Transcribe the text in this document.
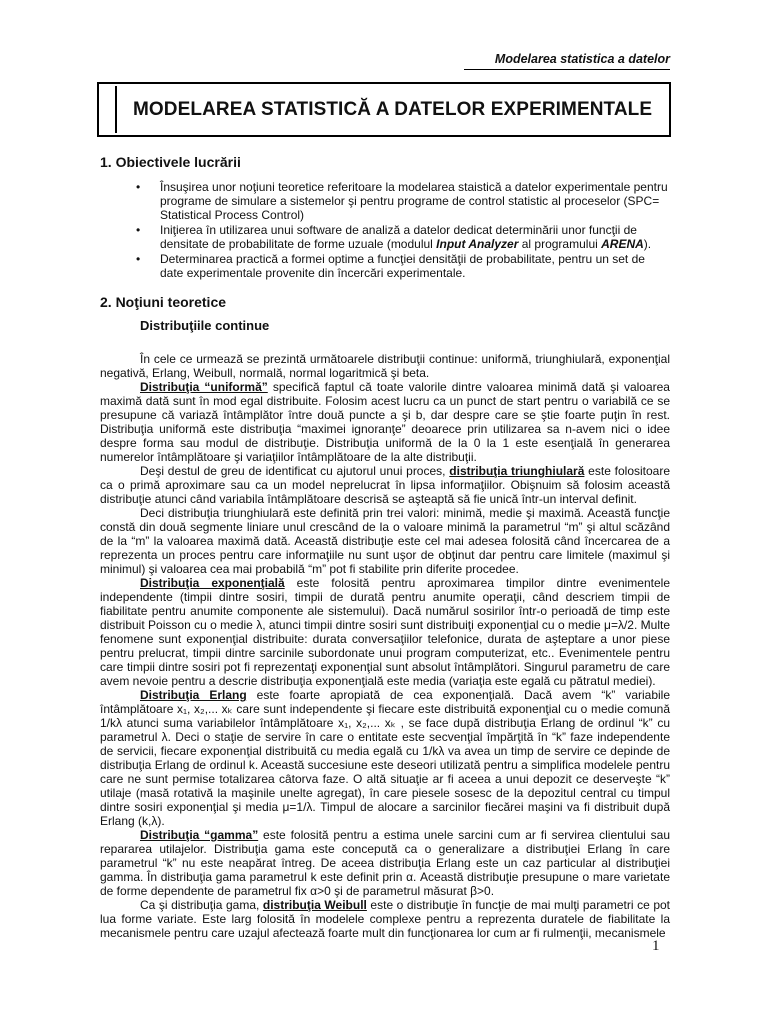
Modelarea statistica a datelor
MODELAREA STATISTICĂ A DATELOR EXPERIMENTALE
1. Obiectivele lucrării
• Însuşirea unor noţiuni teoretice referitoare la modelarea staistică a datelor experimentale pentru programe de simulare a sistemelor şi pentru programe de control statistic al proceselor (SPC= Statistical Process Control)
• Iniţierea în utilizarea unui software de analiză a datelor dedicat determinării unor funcţii de densitate de probabilitate de forme uzuale (modulul Input Analyzer al programului ARENA).
• Determinarea practică a formei optime a funcţiei densităţii de probabilitate, pentru un set de date experimentale provenite din încercări experimentale.
2. Noţiuni teoretice
Distribuţiile continue

În cele ce urmează se prezintă următoarele distribuţii continue: uniformă, triunghiulară, exponenţial negativă, Erlang, Weibull, normală, normal logaritmică şi beta.

Distribuţia “uniformă” specifică faptul că toate valorile dintre valoarea minimă dată şi valoarea maximă dată sunt în mod egal distribuite. Folosim acest lucru ca un punct de start pentru o variabilă ce se presupune că variază întâmplător între două puncte a şi b, dar despre care se ştie foarte puţin în rest. Distribuţia uniformă este distribuţia “maximei ignoranţe” deoarece prin utilizarea sa n-avem nici o idee despre forma sau modul de distribuţie. Distribuţia uniformă de la 0 la 1 este esenţială în generarea numerelor întâmplătoare şi variaţiilor întâmplătoare de la alte distribuţii.

Deşi destul de greu de identificat cu ajutorul unui proces, distribuţia triunghiulară este folositoare ca o primă aproximare sau ca un model neprelucrat în lipsa informaţiilor. Obişnuim să folosim această distribuţie atunci când variabila întâmplătoare descrisă se aşteaptă să fie unică într-un interval definit.

Deci distribuţia triunghiulară este definită prin trei valori: minimă, medie şi maximă. Această funcţie constă din două segmente liniare unul crescând de la o valoare minimă la parametrul “m” şi altul scăzând de la “m” la valoarea maximă dată. Această distribuţie este cel mai adesea folosită când încercarea de a reprezenta un proces pentru care informaţiile nu sunt uşor de obţinut dar pentru care limitele (maximul şi minimul) şi valoarea cea mai probabilă “m” pot fi stabilite prin diferite procedee.

Distribuţia exponenţială este folosită pentru aproximarea timpilor dintre evenimentele independente (timpii dintre sosiri, timpii de durată pentru anumite operaţii, când descriem timpii de fiabilitate pentru anumite componente ale sistemului). Dacă numărul sosirilor într-o perioadă de timp este distribuit Poisson cu o medie λ, atunci timpii dintre sosiri sunt distribuiţi exponenţial cu o medie μ=λ/2. Multe fenomene sunt exponenţial distribuite: durata conversaţiilor telefonice, durata de aşteptare a unor piese pentru prelucrat, timpii dintre sarcinile subordonate unui program computerizat, etc.. Evenimentele pentru care timpii dintre sosiri pot fi reprezentaţi exponenţial sunt absolut întâmplători. Singurul parametru de care avem nevoie pentru a descrie distribuţia exponenţială este media (variaţia este egală cu pătratul mediei).

Distribuţia Erlang este foarte apropiată de cea exponenţială. Dacă avem “k” variabile întâmplătoare x₁, x₂,... xₖ care sunt independente şi fiecare este distribuită exponenţial cu o medie comună 1/kλ atunci suma variabilelor întâmplătoare x₁, x₂,... xₖ , se face după distribuţia Erlang de ordinul “k” cu parametrul λ. Deci o staţie de servire în care o entitate este secvenţial împărţită în “k” faze independente de servicii, fiecare exponenţial distribuită cu media egală cu 1/kλ va avea un timp de servire ce depinde de distribuţia Erlang de ordinul k. Această succesiune este deseori utilizată pentru a simplifica modelele pentru care ne sunt permise totalizarea câtorva faze. O altă situaţie ar fi aceea a unui depozit ce deserveşte “k” utilaje (masă rotativă la maşinile unelte agregat), în care piesele sosesc de la depozitul central cu timpul dintre sosiri exponenţial şi media μ=1/λ. Timpul de alocare a sarcinilor fiecărei maşini va fi distribuit după Erlang (k,λ).

Distribuţia “gamma” este folosită pentru a estima unele sarcini cum ar fi servirea clientului sau repararea utilajelor. Distribuţia gama este concepută ca o generalizare a distribuţiei Erlang în care parametrul “k” nu este neapărat întreg. De aceea distribuţia Erlang este un caz particular al distribuţiei gamma. În distribuţia gama parametrul k este definit prin α. Această distribuţie presupune o mare varietate de forme dependente de parametrul fix α>0 şi de parametrul măsurat β>0.

Ca şi distribuţia gama, distribuţia Weibull este o distribuţie în funcţie de mai mulţi parametri ce pot lua forme variate. Este larg folosită în modelele complexe pentru a reprezenta duratele de fiabilitate la mecanismele pentru care uzajul afectează foarte mult din funcţionarea lor cum ar fi rulmenţii, mecanismele

1
